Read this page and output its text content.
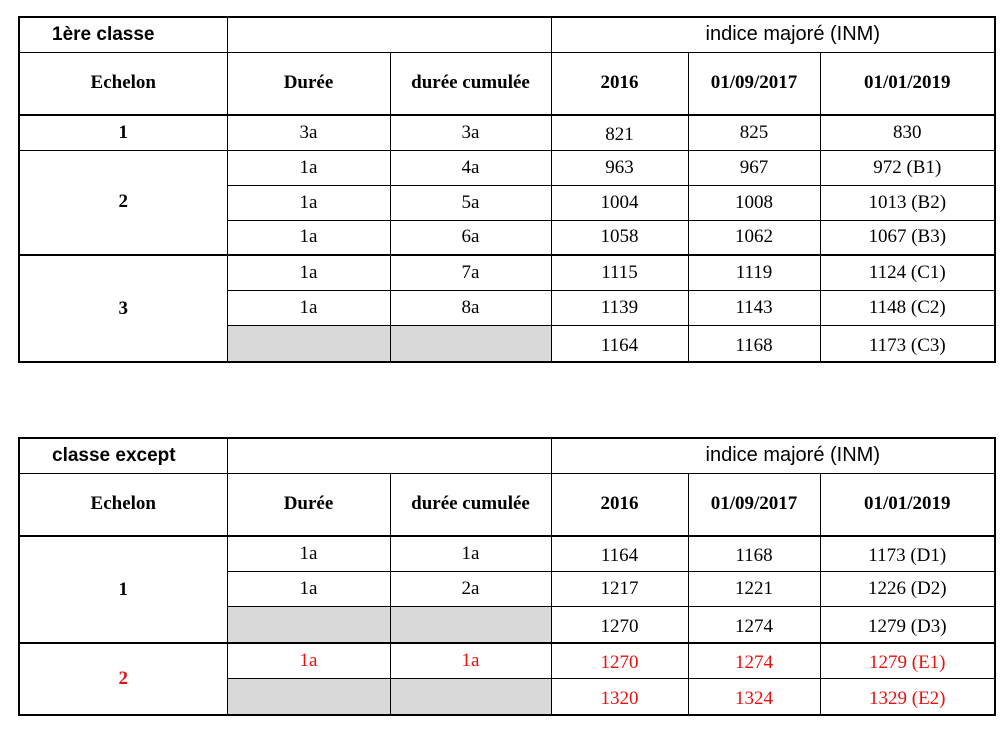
1ère classe			indice majoré (INM)		
Echelon	Durée	durée cumulée	2016	01/09/2017	01/01/2019
1	3a	3a	821	825	830
2	1a	4a	963	967	972 (B1)
	1a	5a	1004	1008	1013 (B2)
	1a	6a	1058	1062	1067 (B3)
3	1a	7a	1115	1119	1124 (C1)
	1a	8a	1139	1143	1148 (C2)
			1164	1168	1173 (C3)
classe except			indice majoré (INM)		
Echelon	Durée	durée cumulée	2016	01/09/2017	01/01/2019
1	1a	1a	1164	1168	1173 (D1)
	1a	2a	1217	1221	1226 (D2)
			1270	1274	1279 (D3)
2	1a	1a	1270	1274	1279 (E1)
			1320	1324	1329 (E2)
